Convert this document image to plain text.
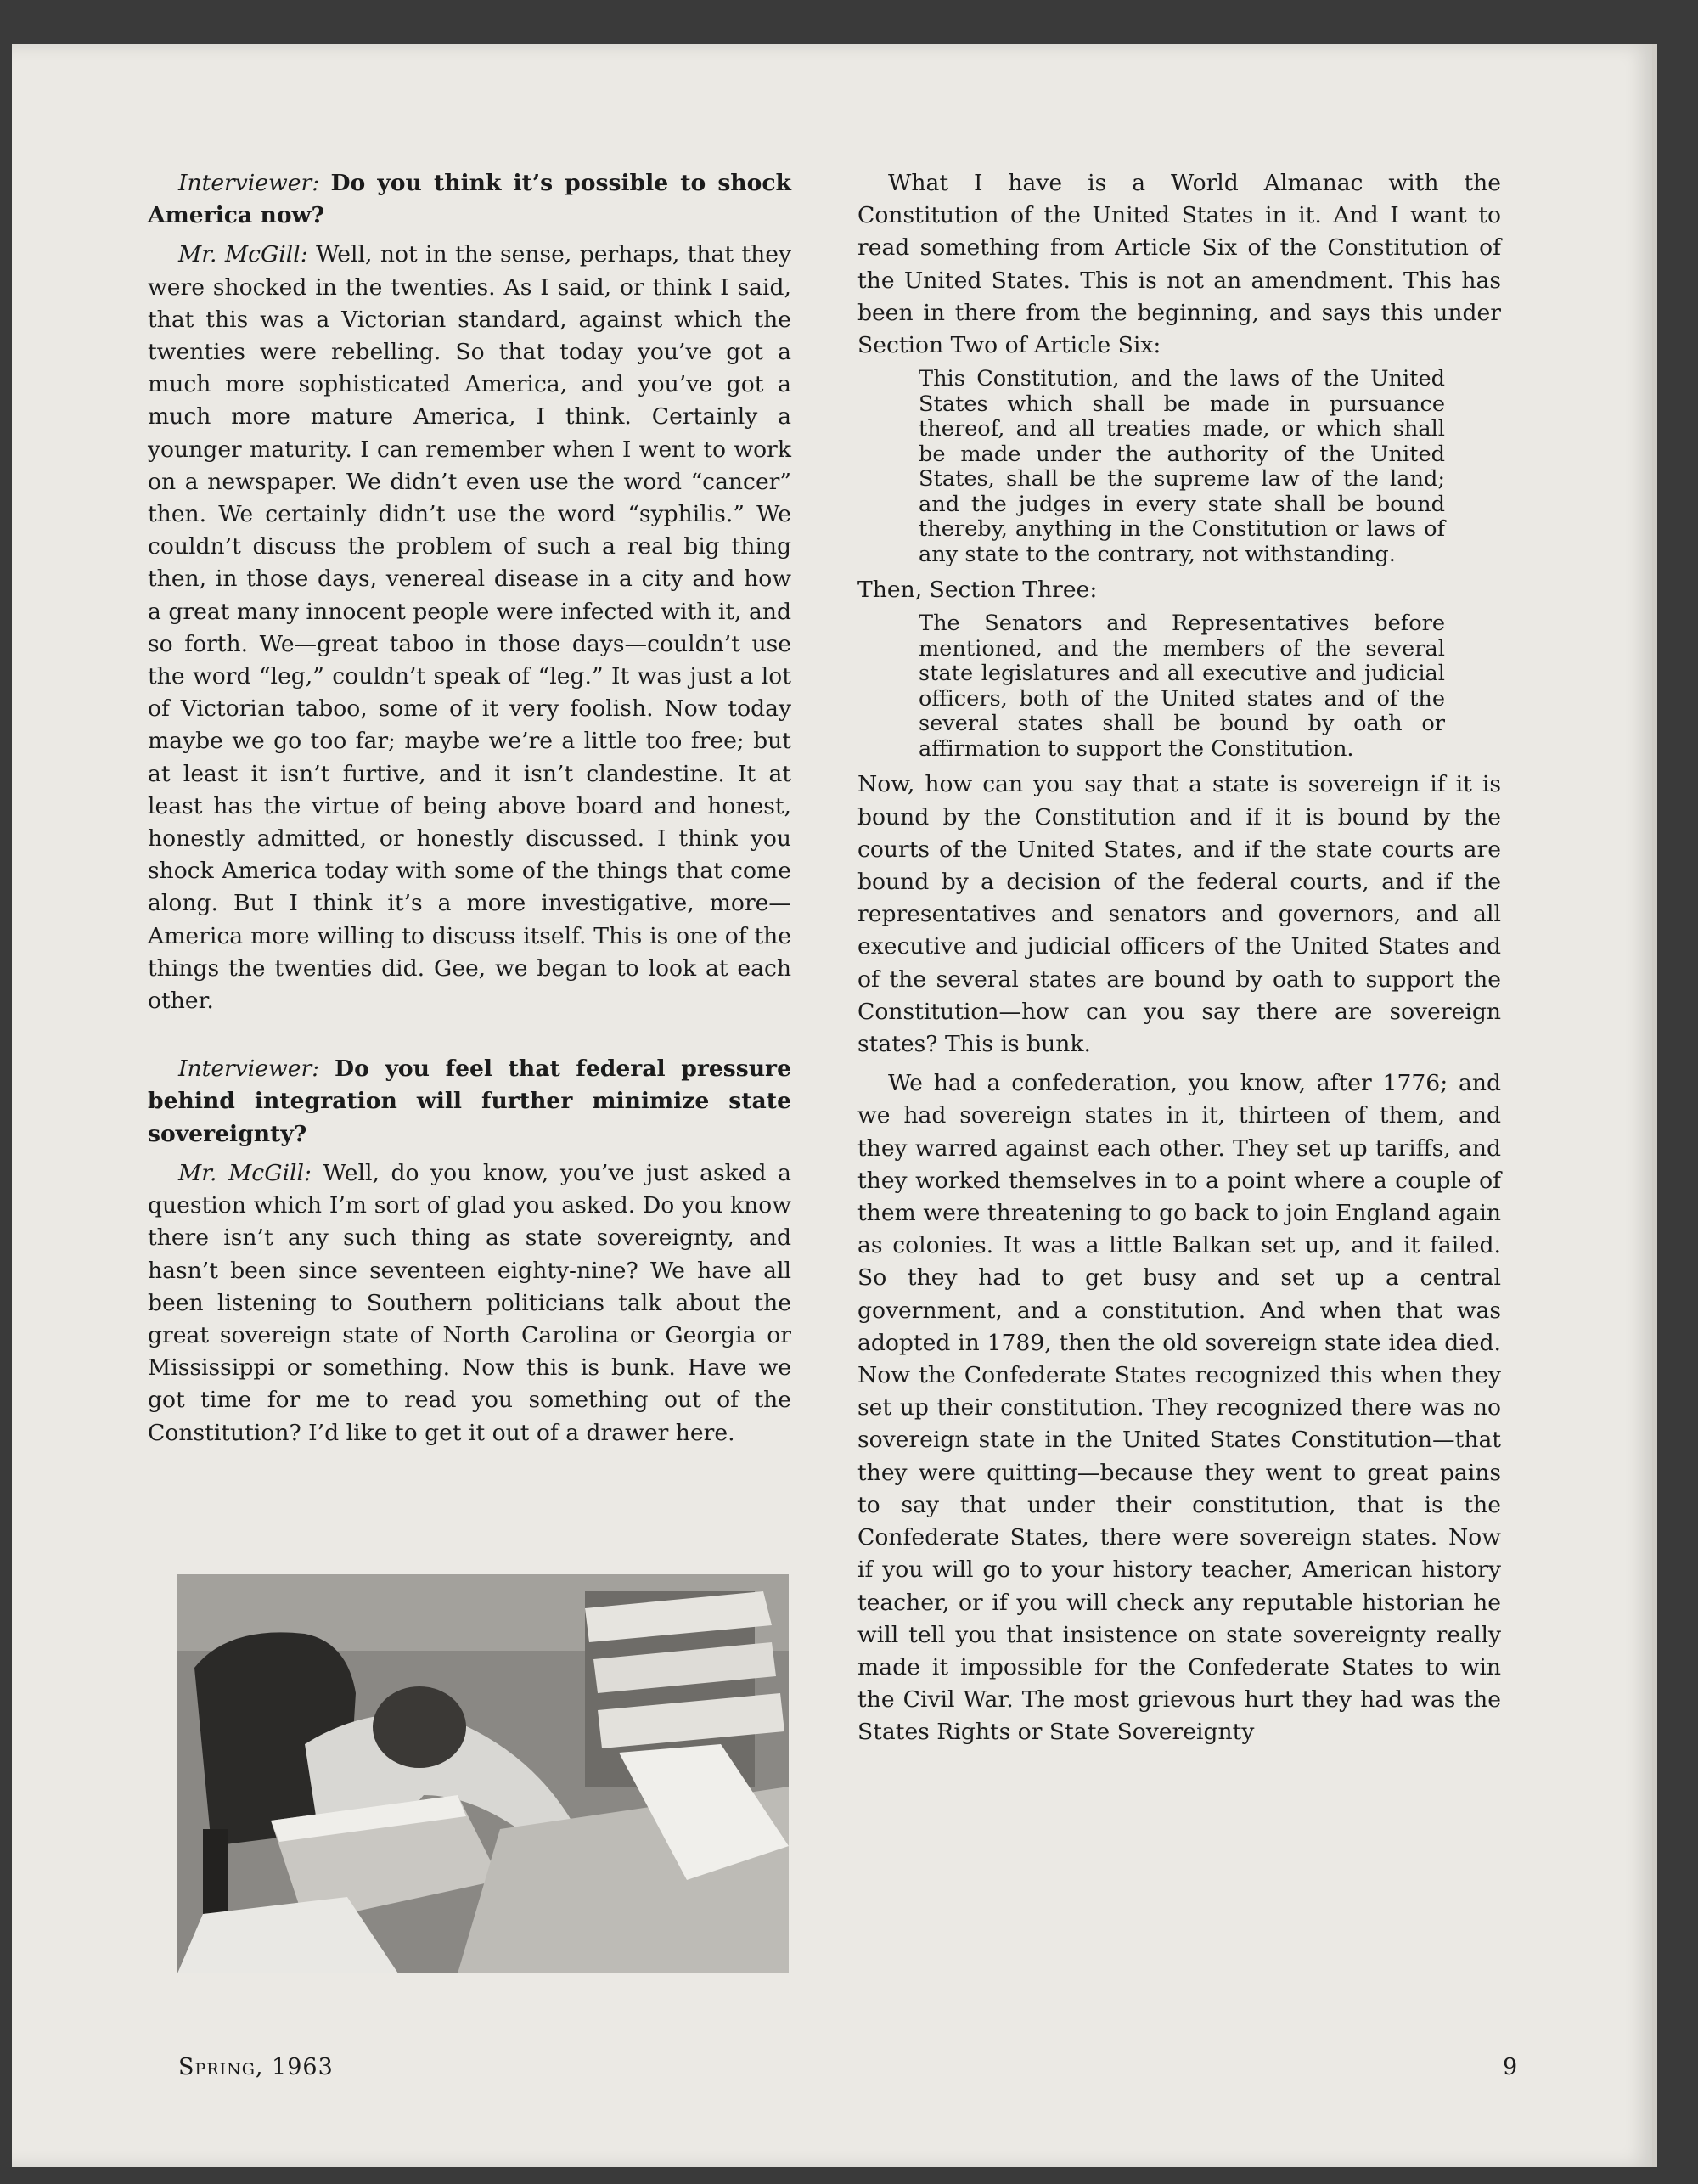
Interviewer: Do you think it’s possible to shock America now?

Mr. McGill: Well, not in the sense, perhaps, that they were shocked in the twenties. As I said, or think I said, that this was a Victorian standard, against which the twenties were rebelling. So that today you’ve got a much more sophisticated America, and you’ve got a much more mature America, I think. Certainly a younger maturity. I can remember when I went to work on a newspaper. We didn’t even use the word “cancer” then. We certainly didn’t use the word “syphilis.” We couldn’t discuss the problem of such a real big thing then, in those days, venereal disease in a city and how a great many innocent people were infected with it, and so forth. We—great taboo in those days—couldn’t use the word “leg,” couldn’t speak of “leg.” It was just a lot of Victorian taboo, some of it very foolish. Now today maybe we go too far; maybe we’re a little too free; but at least it isn’t furtive, and it isn’t clandestine. It at least has the virtue of being above board and honest, honestly admitted, or honestly discussed. I think you shock America today with some of the things that come along. But I think it’s a more investigative, more—America more willing to discuss itself. This is one of the things the twenties did. Gee, we began to look at each other.

Interviewer: Do you feel that federal pressure behind integration will further minimize state sovereignty?

Mr. McGill: Well, do you know, you’ve just asked a question which I’m sort of glad you asked. Do you know there isn’t any such thing as state sovereignty, and hasn’t been since seventeen eighty-nine? We have all been listening to Southern politicians talk about the great sovereign state of North Carolina or Georgia or Mississippi or something. Now this is bunk. Have we got time for me to read you something out of the Constitution? I’d like to get it out of a drawer here.

What I have is a World Almanac with the Constitution of the United States in it. And I want to read something from Article Six of the Constitution of the United States. This is not an amendment. This has been in there from the beginning, and says this under Section Two of Article Six:

This Constitution, and the laws of the United States which shall be made in pursuance thereof, and all treaties made, or which shall be made under the authority of the United States, shall be the supreme law of the land; and the judges in every state shall be bound thereby, anything in the Constitution or laws of any state to the contrary, not withstanding.

Then, Section Three:

The Senators and Representatives before mentioned, and the members of the several state legislatures and all executive and judicial officers, both of the United states and of the several states shall be bound by oath or affirmation to support the Constitution.

Now, how can you say that a state is sovereign if it is bound by the Constitution and if it is bound by the courts of the United States, and if the state courts are bound by a decision of the federal courts, and if the representatives and senators and governors, and all executive and judicial officers of the United States and of the several states are bound by oath to support the Constitution—how can you say there are sovereign states? This is bunk.

We had a confederation, you know, after 1776; and we had sovereign states in it, thirteen of them, and they warred against each other. They set up tariffs, and they worked themselves in to a point where a couple of them were threatening to go back to join England again as colonies. It was a little Balkan set up, and it failed. So they had to get busy and set up a central government, and a constitution. And when that was adopted in 1789, then the old sovereign state idea died. Now the Confederate States recognized this when they set up their constitution. They recognized there was no sovereign state in the United States Constitution—that they were quitting—because they went to great pains to say that under their constitution, that is the Confederate States, there were sovereign states. Now if you will go to your history teacher, American history teacher, or if you will check any reputable historian he will tell you that insistence on state sovereignty really made it impossible for the Confederate States to win the Civil War. The most grievous hurt they had was the States Rights or State Sovereignty

Spring, 1963	9
